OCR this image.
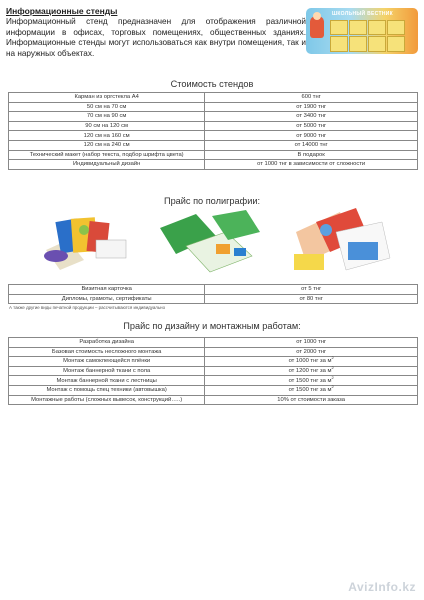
Информационные стенды
Информационный стенд предназначен для отображения различной информации в офисах, торговых помещениях, общественных зданиях. Информационные стенды могут использоваться как внутри помещения, так и на наружных объектах.
ШКОЛЬНЫЙ ВЕСТНИК
Стоимость стендов
Карман из оргстекла А4	600 тнг
50 см на 70 см	от 1900 тнг
70 см на 90 см	от 3400 тнг
90 см на 120 см	от 5000 тнг
120 см на 160 см	от 9000 тнг
120 см на 240 см	от 14000 тнг
Технический макет (набор текста, подбор шрифта цвета)	В подарок
Индивидуальный дизайн	от 1000 тнг в зависимости от сложности
Прайс по полиграфии:
Визитная карточка	от 5 тнг
Дипломы, грамоты, сертификаты	от 80 тнг
А также другие виды печатной продукции – рассчитываются индивидуально
Прайс по дизайну и монтажным работам:
Разработка дизайна	от 1000 тнг
Базовая стоимость несложного монтажа	от 2000 тнг
Монтаж самоклеющейся плёнки	от 1000 тнг за $м^2$
Монтаж баннерной ткани с пола	от 1200 тнг за $м^2$
Монтаж баннерной ткани с лестницы	от 1500 тнг за $м^2$
Монтаж с помощь спец техники (автовышка)	от 1500 тнг за $м^2$
Монтажные работы (сложных вывесок, конструкций…..)	10% от стоимости заказа
AvizInfo.kz
